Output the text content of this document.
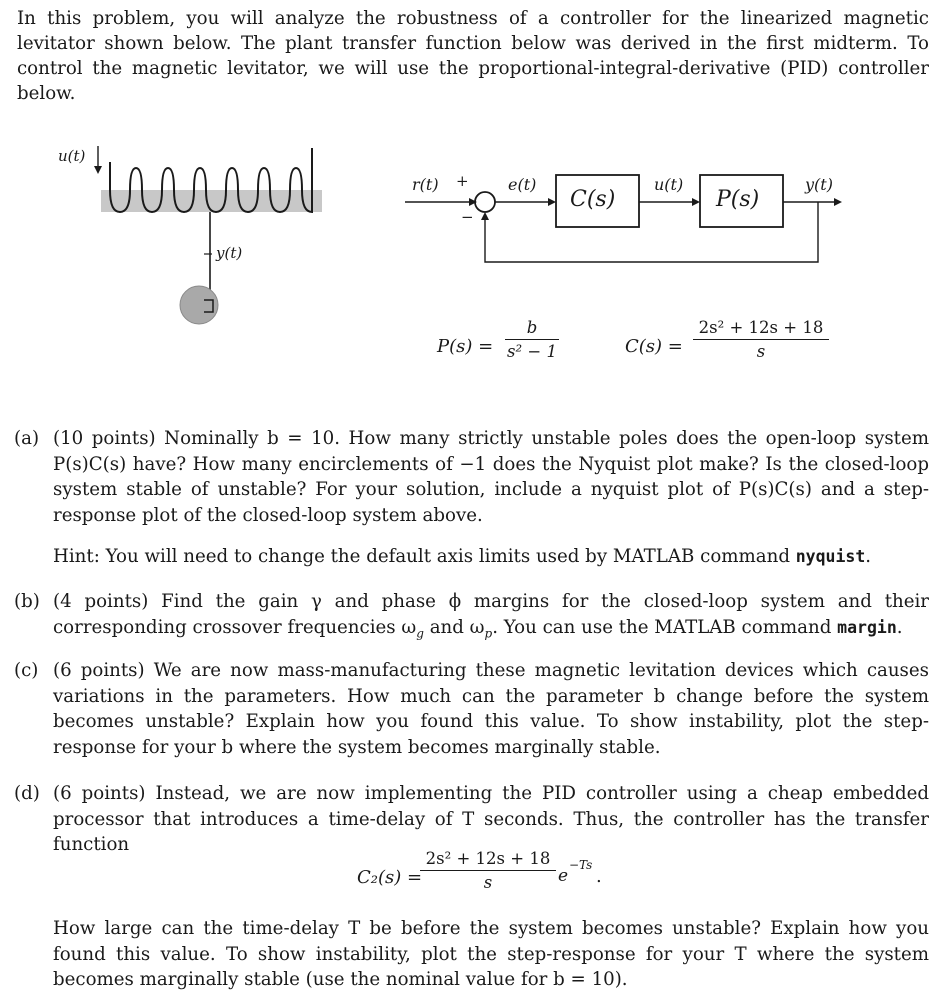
In this problem, you will analyze the robustness of a controller for the linearized magnetic levitator shown below. The plant transfer function below was derived in the first midterm. To control the magnetic levitator, we will use the proportional-integral-derivative (PID) controller below.

u(t)
y(t)
r(t) +
−
e(t)
C(s)
u(t)
P(s)
y(t)
$P(s) = \frac{b}{\text{s² − 1}}$	$C(s) = \frac{\text{2s² + 12s + 18}}{s}$
(a) (10 points) Nominally b = 10. How many strictly unstable poles does the open-loop system P(s)C(s) have? How many encirclements of −1 does the Nyquist plot make? Is the closed-loop system stable of unstable? For your solution, include a nyquist plot of P(s)C(s) and a step-response plot of the closed-loop system above.
Hint: You will need to change the default axis limits used by MATLAB command nyquist.
(b) (4 points) Find the gain γ and phase ϕ margins for the closed-loop system and their corresponding crossover frequencies $\omega_g$ and $\omega_p$. You can use the MATLAB command margin.
(c) (6 points) We are now mass-manufacturing these magnetic levitation devices which causes variations in the parameters. How much can the parameter b change before the system becomes unstable? Explain how you found this value. To show instability, plot the step-response for your b where the system becomes marginally stable.
(d) (6 points) Instead, we are now implementing the PID controller using a cheap embedded processor that introduces a time-delay of T seconds. Thus, the controller has the transfer function
How large can the time-delay T be before the system becomes unstable? Explain how you found this value. To show instability, plot the step-response for your T where the system becomes marginally stable (use the nominal value for b = 10).
C₂(s) =
$\frac{\text{2s² + 12s + 18}}{s}$ e
−Ts
.
